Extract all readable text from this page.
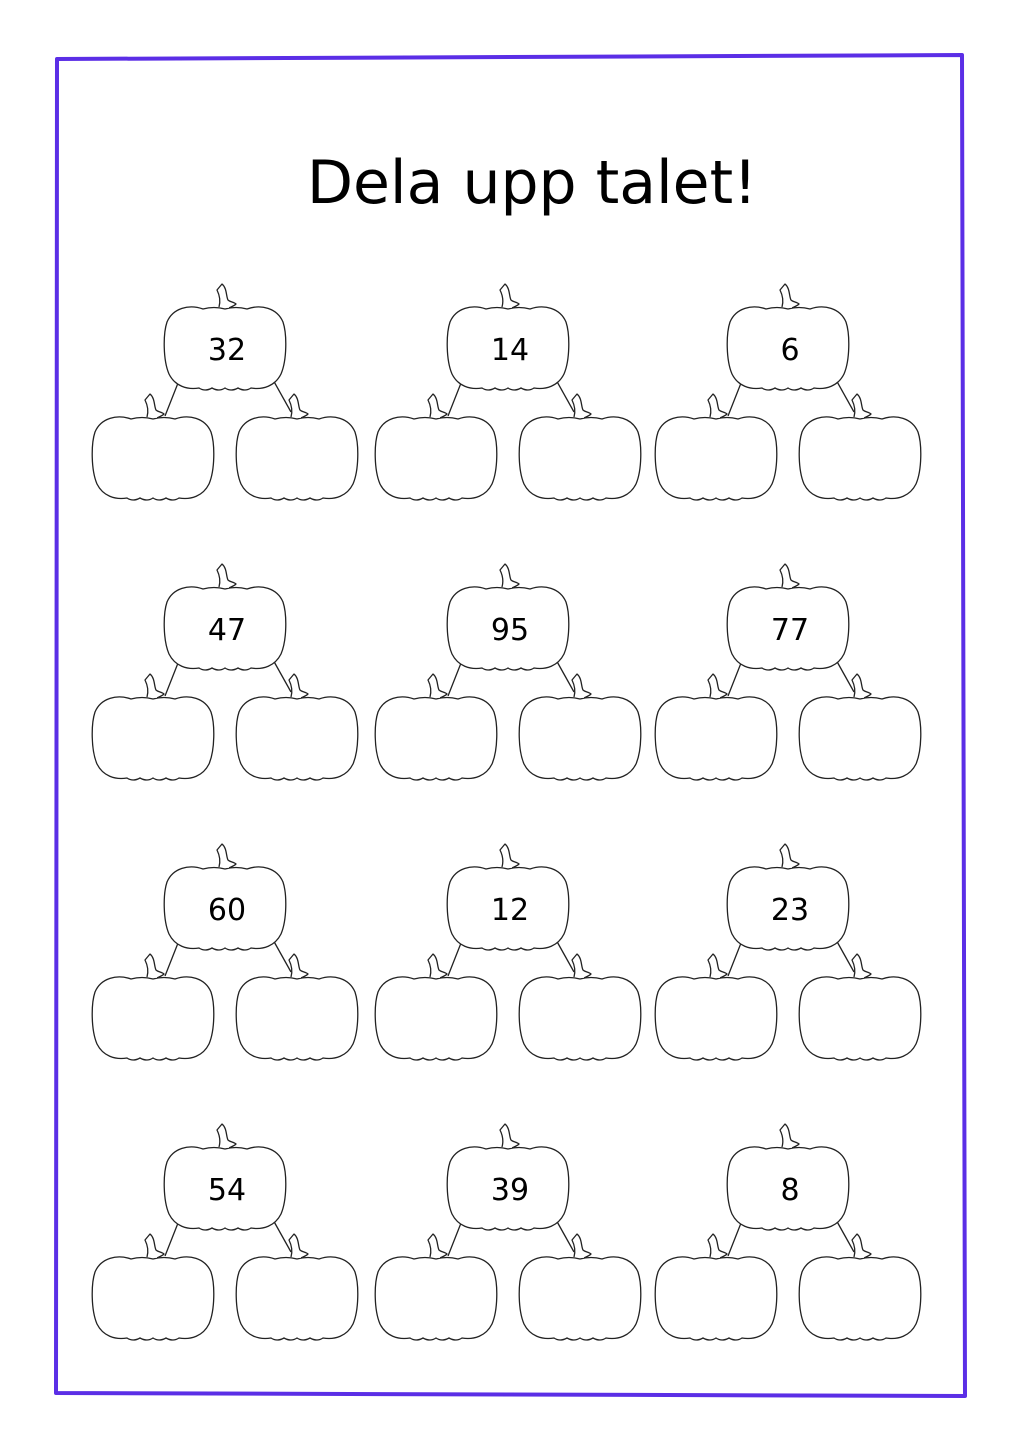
Dela upp talet!
32	14	6
47	95	77
60	12	23
54	39	8
